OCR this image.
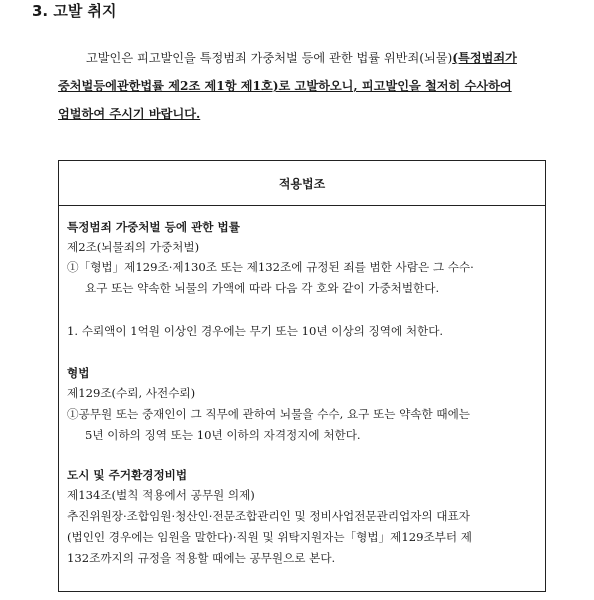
3. 고발 취지
고발인은 피고발인을 특정범죄 가중처벌 등에 관한 법률 위반죄(뇌물)(특정범죄가
중처벌등에관한법률 제2조 제1항 제1호)로 고발하오니, 피고발인을 철저히 수사하여
엄벌하여 주시기 바랍니다.
적용법조
특정범죄 가중처벌 등에 관한 법률
제2조(뇌물죄의 가중처벌)
①「형법」제129조·제130조 또는 제132조에 규정된 죄를 범한 사람은 그 수수·
요구 또는 약속한 뇌물의 가액에 따라 다음 각 호와 같이 가중처벌한다.
1. 수뢰액이 1억원 이상인 경우에는 무기 또는 10년 이상의 징역에 처한다.
형법
제129조(수뢰, 사전수뢰)
①공무원 또는 중재인이 그 직무에 관하여 뇌물을 수수, 요구 또는 약속한 때에는
5년 이하의 징역 또는 10년 이하의 자격정지에 처한다.
도시 및 주거환경정비법
제134조(벌칙 적용에서 공무원 의제)
추진위원장·조합임원·청산인·전문조합관리인 및 정비사업전문관리업자의 대표자
(법인인 경우에는 임원을 말한다)·직원 및 위탁지원자는「형법」제129조부터 제
132조까지의 규정을 적용할 때에는 공무원으로 본다.
